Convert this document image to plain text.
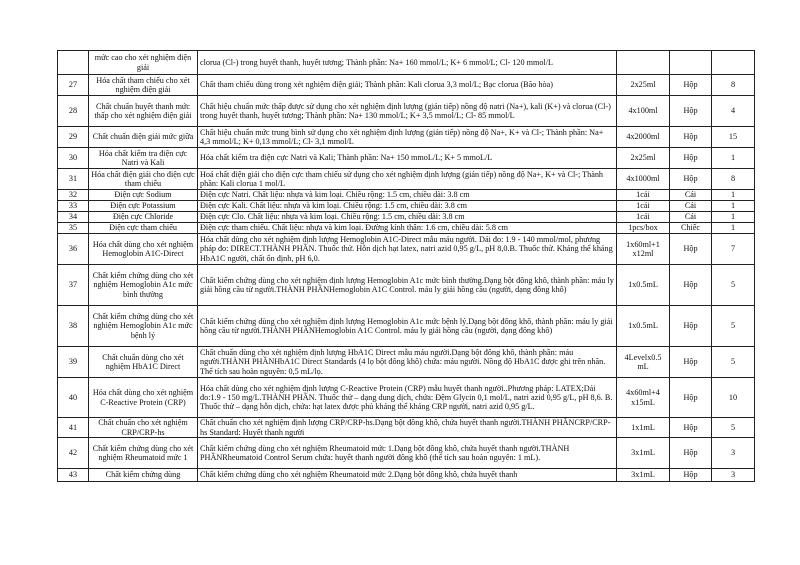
	mức cao cho xét nghiệm điện giải	clorua (Cl-) trong huyết thanh, huyết tương; Thành phần: Na+ 160 mmol/L; K+ 6 mmol/L; Cl- 120 mmol/L			
27	Hóa chất tham chiếu cho xét nghiệm điện giải	Chất tham chiếu dùng trong xét nghiệm điện giải; Thành phần: Kali clorua 3,3 mol/L; Bạc clorua (Bão hòa)	2x25ml	Hộp	8
28	Chất chuẩn huyết thanh mức thấp cho xét nghiệm điện giải	Chất hiệu chuẩn mức thấp được sử dụng cho xét nghiệm định lượng (gián tiếp) nồng độ natri (Na+), kali (K+) và clorua (Cl-) trong huyết thanh, huyết tương; Thành phần: Na+ 130 mmol/L; K+ 3,5 mmol/L; Cl- 85 mmol/L	4x100ml	Hộp	4
29	Chất chuẩn điện giải mức giữa	Chất hiệu chuẩn mức trung bình sử dụng cho xét nghiệm định lượng (gián tiếp) nồng độ Na+, K+ và Cl-; Thành phần: Na+ 4,3 mmol/L; K+ 0,13 mmol/L; Cl- 3,1 mmol/L	4x2000ml	Hộp	15
30	Hóa chất kiểm tra điện cực Natri và Kali	Hóa chất kiểm tra điện cực Natri và Kali; Thành phần: Na+ 150 mmoL/L; K+ 5 mmoL/L	2x25ml	Hộp	1
31	Hóa chất điện giải cho điện cực tham chiếu	Hoá chất điện giải cho điện cực tham chiếu sử dụng cho xét nghiệm định lượng (gián tiếp) nồng độ Na+, K+ và Cl-; Thành phần: Kali clorua 1 mol/L	4x1000ml	Hộp	8
32	Điện cực Sodium	Điện cực Natri. Chất liệu: nhựa và kim loại. Chiều rộng: 1.5 cm, chiều dài: 3.8 cm	1cái	Cái	1
33	Điện cực Potassium	Điện cực Kali. Chất liệu: nhựa và kim loại. Chiều rộng: 1.5 cm, chiều dài: 3.8 cm	1cái	Cái	1
34	Điện cực Chloride	Điện cực Clo. Chất liệu: nhựa và kim loại. Chiều rộng: 1.5 cm, chiều dài: 3.8 cm	1cái	Cái	1
35	Điện cực tham chiếu	Điện cực tham chiếu. Chất liệu: nhựa và kim loại. Đường kính thân: 1.6 cm, chiều dài: 5.8 cm	1pcs/box	Chiếc	1
36	Hóa chất dùng cho xét nghiệm Hemoglobin A1C-Direct	Hóa chất dùng cho xét nghiệm định lượng Hemoglobin A1C-Direct mẫu máu người. Dải đo: 1.9 - 140 mmol/mol, phương pháp đo: DIRECT.THÀNH PHẦN. Thuốc thử. Hỗn dịch hạt latex, natri azid 0,95 g/L, pH 8,0.B. Thuốc thử. Kháng thể kháng HbA1C người, chất ổn định, pH 6,0.	1x60ml+1 x12ml	Hộp	7
37	Chất kiểm chứng dùng cho xét nghiệm Hemoglobin A1c mức bình thường	Chất kiểm chứng dùng cho xét nghiệm định lượng Hemoglobin A1c mức bình thường.Dạng bột đông khô, thành phần: máu ly giải hồng cầu từ người.THÀNH PHẦNHemoglobin A1C Control. máu ly giải hồng cầu (người, dạng đông khô)	1x0.5mL	Hộp	5
38	Chất kiểm chứng dùng cho xét nghiệm Hemoglobin A1c mức bệnh lý	Chất kiểm chứng dùng cho xét nghiệm định lượng Hemoglobin A1c mức bệnh lý.Dạng bột đông khô, thành phần: máu ly giải hồng cầu từ người.THÀNH PHẦNHemoglobin A1C Control. máu ly giải hồng cầu (người, dạng đông khô)	1x0.5mL	Hộp	5
39	Chất chuẩn dùng cho xét nghiệm HbA1C Direct	Chất chuẩn dùng cho xét nghiệm định lượng HbA1C Direct mẫu máu người.Dạng bột đông khô, thành phần: máu người.THÀNH PHẦNHbA1C Direct Standards (4 lọ bột đông khô) chứa: máu người. Nồng độ HbA1C được ghi trên nhãn. Thể tích sau hoàn nguyên: 0,5 mL/lọ.	4Levelx0.5 mL	Hộp	5
40	Hóa chất dùng cho xét nghiệm C-Reactive Protein (CRP)	Hóa chất dùng cho xét nghiệm định lượng C-Reactive Protein (CRP) mẫu huyết thanh người..Phương pháp: LATEX;Dải đo:1.9 - 150 mg/L.THÀNH PHẦN. Thuốc thử – dạng dung dịch, chứa: Đệm Glycin 0,1 mol/L, natri azid 0,95 g/L, pH 8,6. B. Thuốc thử – dạng hỗn dịch, chứa: hạt latex được phủ kháng thể kháng CRP người, natri azid 0,95 g/L.	4x60ml+4 x15mL	Hộp	10
41	Chất chuẩn cho xét nghiệm CRP/CRP-hs	Chất chuẩn cho xét nghiệm định lượng CRP/CRP-hs.Dạng bột đông khô, chứa huyết thanh người.THÀNH PHẦNCRP/CRP-hs Standard: Huyết thanh người	1x1mL	Hộp	5
42	Chất kiểm chứng dùng cho xét nghiệm Rheumatoid mức 1	Chất kiểm chứng dùng cho xét nghiệm Rheumatoid mức 1.Dạng bột đông khô, chứa huyết thanh người.THÀNH PHẦNRheumatoid Control Serum chứa: huyết thanh người đông khô (thể tích sau hoàn nguyên: 1 mL).	3x1mL	Hộp	3
43	Chất kiểm chứng dùng	Chất kiểm chứng dùng cho xét nghiệm Rheumatoid mức 2.Dạng bột đông khô, chứa huyết thanh	3x1mL	Hộp	3
